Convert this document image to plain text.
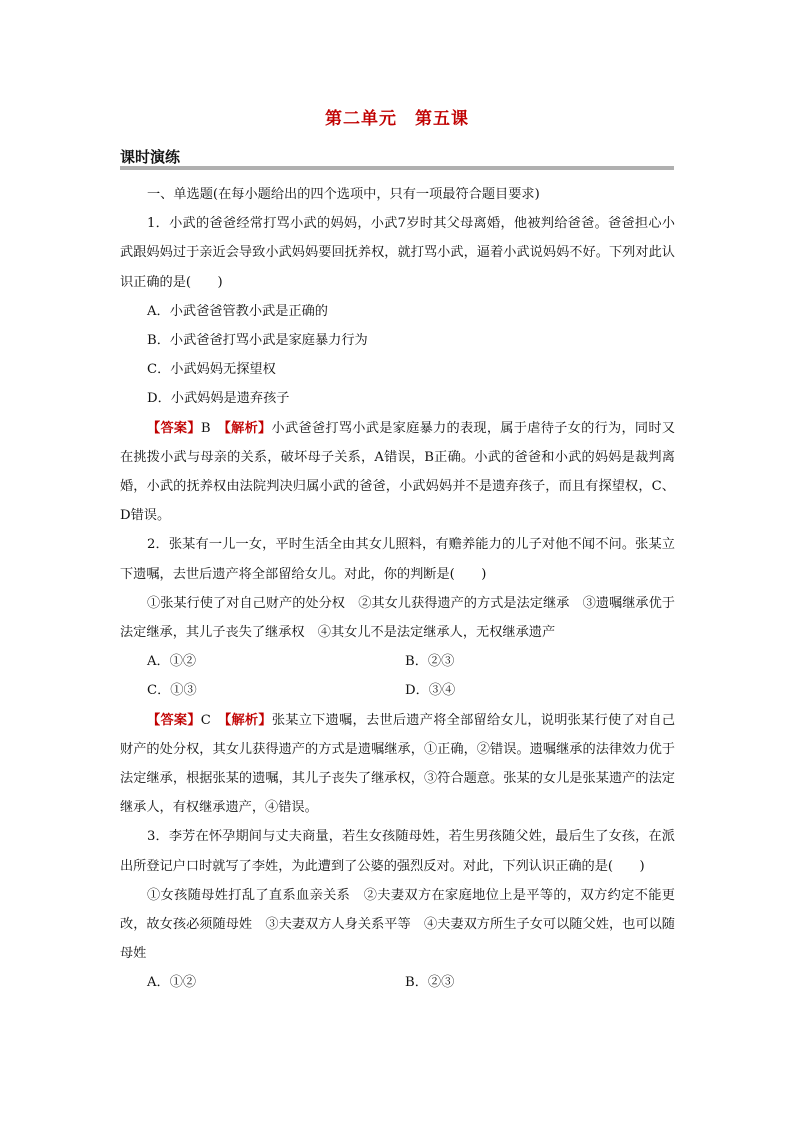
第二单元　第五课
课时演练

一、单选题(在每小题给出的四个选项中，只有一项最符合题目要求)

1．小武的爸爸经常打骂小武的妈妈，小武7岁时其父母离婚，他被判给爸爸。爸爸担心小武跟妈妈过于亲近会导致小武妈妈要回抚养权，就打骂小武，逼着小武说妈妈不好。下列对此认识正确的是(　　)

A．小武爸爸管教小武是正确的

B．小武爸爸打骂小武是家庭暴力行为

C．小武妈妈无探望权

D．小武妈妈是遗弃孩子

【答案】B　 【解析】小武爸爸打骂小武是家庭暴力的表现，属于虐待子女的行为，同时又在挑拨小武与母亲的关系，破坏母子关系，A错误，B正确。小武的爸爸和小武的妈妈是裁判离婚，小武的抚养权由法院判决归属小武的爸爸，小武妈妈并不是遗弃孩子，而且有探望权，C、D错误。

2．张某有一儿一女，平时生活全由其女儿照料，有赡养能力的儿子对他不闻不问。张某立下遗嘱，去世后遗产将全部留给女儿。对此，你的判断是(　　)

①张某行使了对自己财产的处分权　②其女儿获得遗产的方式是法定继承　③遗嘱继承优于法定继承，其儿子丧失了继承权　④其女儿不是法定继承人，无权继承遗产

A．①②	B．②③
C．①③	D．③④

【答案】C　 【解析】张某立下遗嘱，去世后遗产将全部留给女儿，说明张某行使了对自己财产的处分权，其女儿获得遗产的方式是遗嘱继承，①正确，②错误。遗嘱继承的法律效力优于法定继承，根据张某的遗嘱，其儿子丧失了继承权，③符合题意。张某的女儿是张某遗产的法定继承人，有权继承遗产，④错误。

3．李芳在怀孕期间与丈夫商量，若生女孩随母姓，若生男孩随父姓，最后生了女孩，在派出所登记户口时就写了李姓，为此遭到了公婆的强烈反对。对此，下列认识正确的是(　　)

①女孩随母姓打乱了直系血亲关系　②夫妻双方在家庭地位上是平等的，双方约定不能更改，故女孩必须随母姓　③夫妻双方人身关系平等　④夫妻双方所生子女可以随父姓，也可以随母姓

A．①②	B．②③
